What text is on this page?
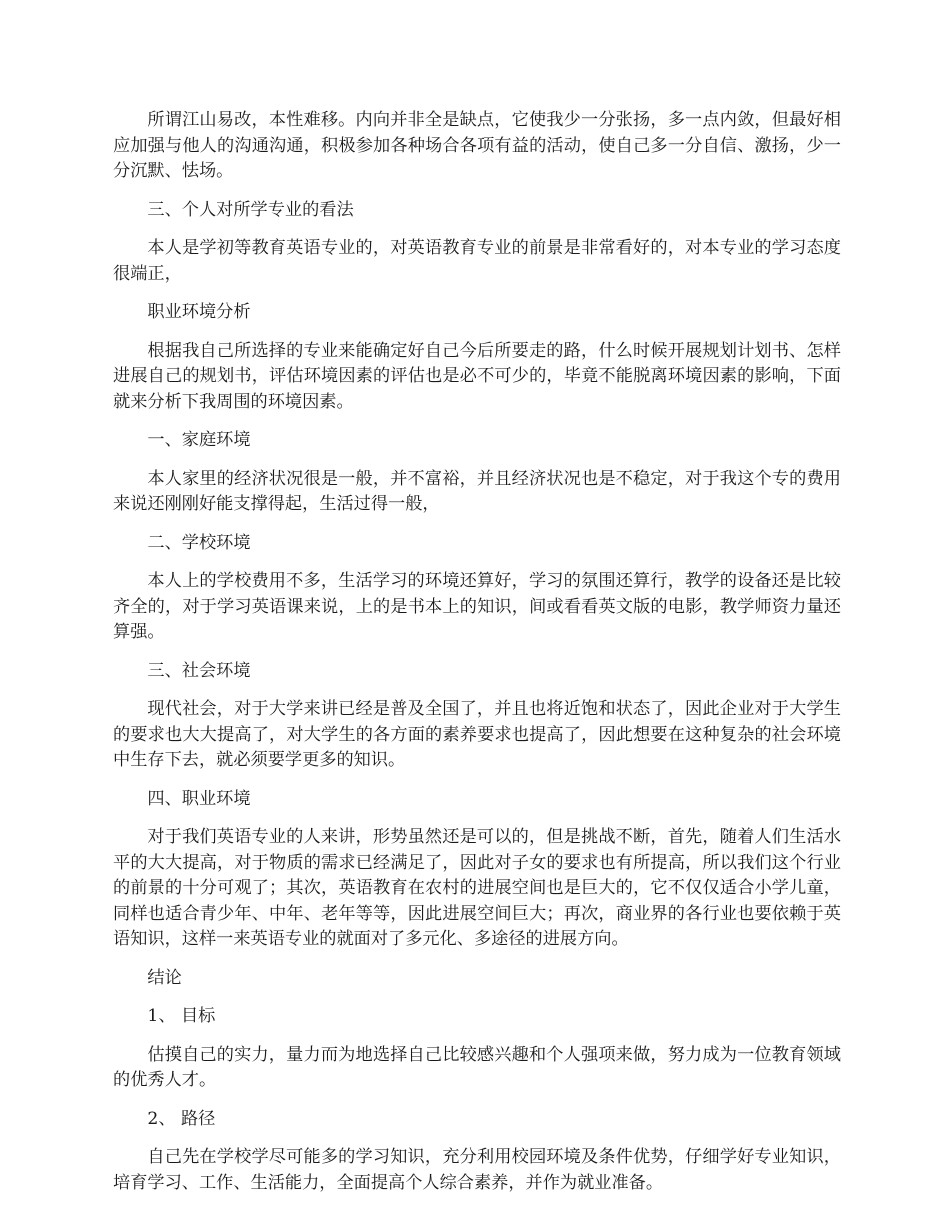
所谓江山易改，本性难移。内向并非全是缺点，它使我少一分张扬，多一点内敛，但最好相应加强与他人的沟通沟通，积极参加各种场合各项有益的活动，使自己多一分自信、激扬，少一分沉默、怯场。

三、个人对所学专业的看法

本人是学初等教育英语专业的，对英语教育专业的前景是非常看好的，对本专业的学习态度很端正，

职业环境分析

根据我自己所选择的专业来能确定好自己今后所要走的路，什么时候开展规划计划书、怎样进展自己的规划书，评估环境因素的评估也是必不可少的，毕竟不能脱离环境因素的影响，下面就来分析下我周围的环境因素。

一、家庭环境

本人家里的经济状况很是一般，并不富裕，并且经济状况也是不稳定，对于我这个专的费用来说还刚刚好能支撑得起，生活过得一般，

二、学校环境

本人上的学校费用不多，生活学习的环境还算好，学习的氛围还算行，教学的设备还是比较齐全的，对于学习英语课来说，上的是书本上的知识，间或看看英文版的电影，教学师资力量还算强。

三、社会环境

现代社会，对于大学来讲已经是普及全国了，并且也将近饱和状态了，因此企业对于大学生的要求也大大提高了，对大学生的各方面的素养要求也提高了，因此想要在这种复杂的社会环境中生存下去，就必须要学更多的知识。

四、职业环境

对于我们英语专业的人来讲，形势虽然还是可以的，但是挑战不断，首先，随着人们生活水平的大大提高，对于物质的需求已经满足了，因此对子女的要求也有所提高，所以我们这个行业的前景的十分可观了；其次，英语教育在农村的进展空间也是巨大的，它不仅仅适合小学儿童，同样也适合青少年、中年、老年等等，因此进展空间巨大；再次，商业界的各行业也要依赖于英语知识，这样一来英语专业的就面对了多元化、多途径的进展方向。

结论

1、 目标

估摸自己的实力，量力而为地选择自己比较感兴趣和个人强项来做，努力成为一位教育领域的优秀人才。

2、 路径

自己先在学校学尽可能多的学习知识，充分利用校园环境及条件优势，仔细学好专业知识，培育学习、工作、生活能力，全面提高个人综合素养，并作为就业准备。
